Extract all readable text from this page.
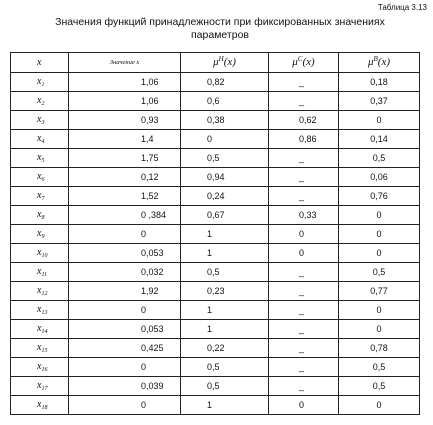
Таблица 3.13
Значения функций принадлежности при фиксированных значениях
параметров
x	Значение x	$\mu^Н(x)$	$\mu^С(x)$	$\mu^В(x)$
$x_1$	1,06	0,82	_	0,18
$x_2$	1,06	0,6	_	0,37
$x_3$	0,93	0,38	0,62	0
$x_4$	1,4	0	0,86	0,14
$x_5$	1,75	0,5	_	0,5
$x_6$	0,12	0,94	_	0,06
$x_7$	1,52	0,24	_	0,76
$x_8$	0 ,384	0,67	0,33	0
$x_9$	0	1	0	0
$x_{10}$	0,053	1	0	0
$x_{11}$	0,032	0,5	_	0,5
$x_{12}$	1,92	0,23	_	0,77
$x_{13}$	0	1	_	0
$x_{14}$	0,053	1	_	0
$x_{15}$	0,425	0,22	_	0,78
$x_{16}$	0	0,5	_	0,5
$x_{17}$	0,039	0,5	_	0,5
$x_{18}$	0	1	0	0
